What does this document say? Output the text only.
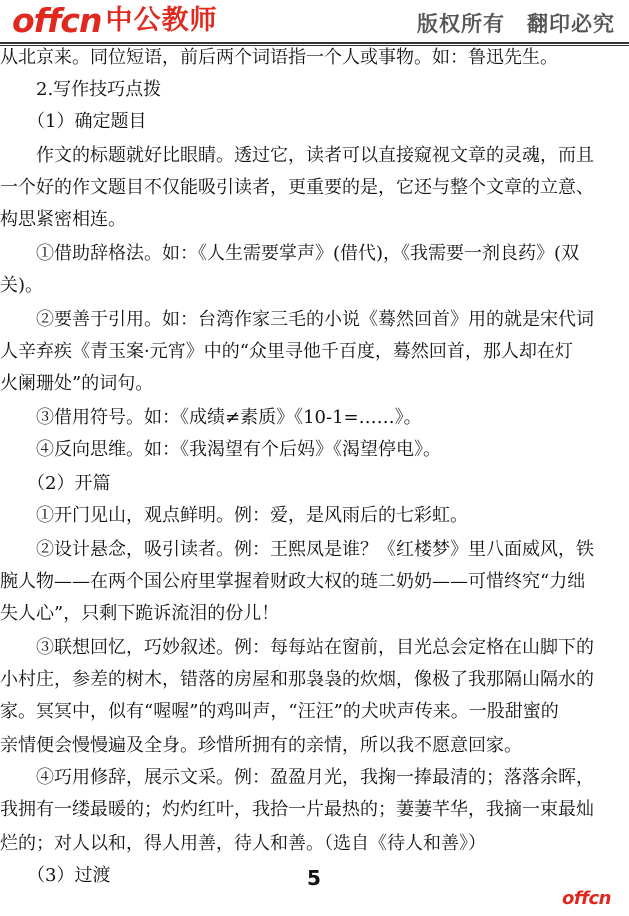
offcn 中公教师	版权所有　翻印必究
从北京来。同位短语，前后两个词语指一个人或事物。如：鲁迅先生。
　　2.写作技巧点拨
　　（1）确定题目
　　作文的标题就好比眼睛。透过它，读者可以直接窥视文章的灵魂，而且
一个好的作文题目不仅能吸引读者，更重要的是，它还与整个文章的立意、
构思紧密相连。
　　①借助辞格法。如：《人生需要掌声》(借代)，《我需要一剂良药》(双
关)。
　　②要善于引用。如：台湾作家三毛的小说《蓦然回首》用的就是宋代词
人辛弃疾《青玉案·元宵》中的“众里寻他千百度，蓦然回首，那人却在灯
火阑珊处”的词句。
　　③借用符号。如：《成绩≠素质》《10-1=……》。
　　④反向思维。如：《我渴望有个后妈》《渴望停电》。
　　（2）开篇
　　①开门见山，观点鲜明。例：爱，是风雨后的七彩虹。
　　②设计悬念，吸引读者。例：王熙凤是谁？《红楼梦》里八面威风，铁
腕人物——在两个国公府里掌握着财政大权的琏二奶奶——可惜终究“力绌
失人心”，只剩下跪诉流泪的份儿！
　　③联想回忆，巧妙叙述。例：每每站在窗前，目光总会定格在山脚下的
小村庄，参差的树木，错落的房屋和那袅袅的炊烟，像极了我那隔山隔水的
家。冥冥中，似有“喔喔”的鸡叫声，“汪汪”的犬吠声传来。一股甜蜜的
亲情便会慢慢遍及全身。珍惜所拥有的亲情，所以我不愿意回家。
　　④巧用修辞，展示文采。例：盈盈月光，我掬一捧最清的；落落余晖，
我拥有一缕最暖的；灼灼红叶，我拾一片最热的；萋萋芊华，我摘一束最灿
烂的；对人以和，得人用善，待人和善。（选自《待人和善》）
　　（3）过渡	5
offcn
